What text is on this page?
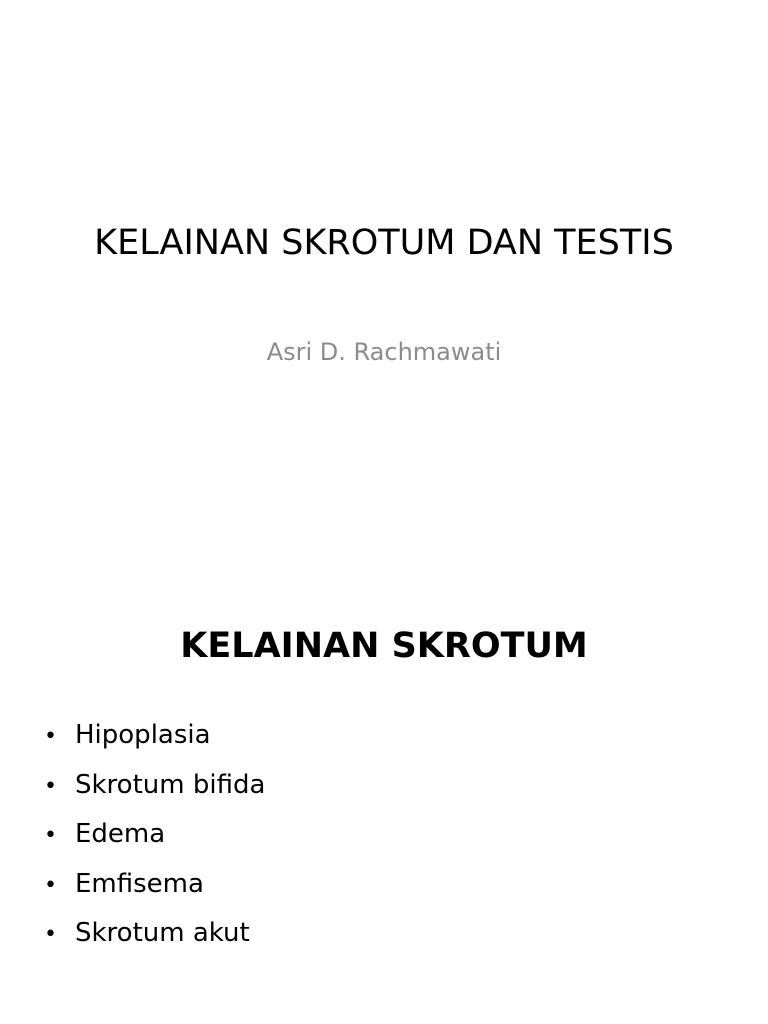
KELAINAN SKROTUM DAN TESTIS
Asri D. Rachmawati
KELAINAN SKROTUM
• Hipoplasia
• Skrotum bifida
• Edema
• Emfisema
• Skrotum akut
